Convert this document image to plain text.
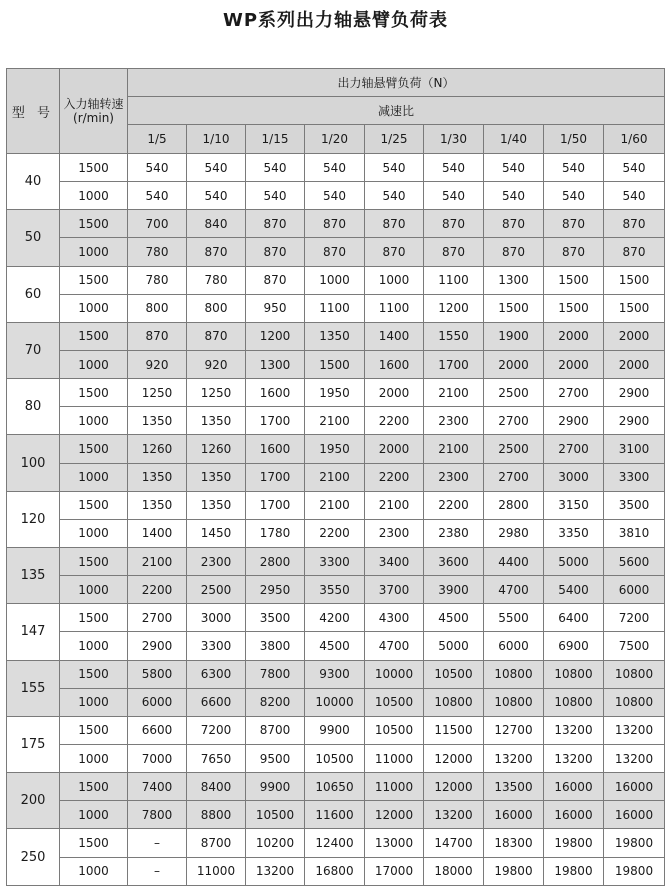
WP系列出力轴悬臂负荷表
型 号	入力轴转速
(r/min)	出力轴悬臂负荷（N）								
		减速比								
		1/5	1/10	1/15	1/20	1/25	1/30	1/40	1/50	1/60
40	1500	540	540	540	540	540	540	540	540	540
	1000	540	540	540	540	540	540	540	540	540
50	1500	700	840	870	870	870	870	870	870	870
	1000	780	870	870	870	870	870	870	870	870
60	1500	780	780	870	1000	1000	1100	1300	1500	1500
	1000	800	800	950	1100	1100	1200	1500	1500	1500
70	1500	870	870	1200	1350	1400	1550	1900	2000	2000
	1000	920	920	1300	1500	1600	1700	2000	2000	2000
80	1500	1250	1250	1600	1950	2000	2100	2500	2700	2900
	1000	1350	1350	1700	2100	2200	2300	2700	2900	2900
100	1500	1260	1260	1600	1950	2000	2100	2500	2700	3100
	1000	1350	1350	1700	2100	2200	2300	2700	3000	3300
120	1500	1350	1350	1700	2100	2100	2200	2800	3150	3500
	1000	1400	1450	1780	2200	2300	2380	2980	3350	3810
135	1500	2100	2300	2800	3300	3400	3600	4400	5000	5600
	1000	2200	2500	2950	3550	3700	3900	4700	5400	6000
147	1500	2700	3000	3500	4200	4300	4500	5500	6400	7200
	1000	2900	3300	3800	4500	4700	5000	6000	6900	7500
155	1500	5800	6300	7800	9300	10000	10500	10800	10800	10800
	1000	6000	6600	8200	10000	10500	10800	10800	10800	10800
175	1500	6600	7200	8700	9900	10500	11500	12700	13200	13200
	1000	7000	7650	9500	10500	11000	12000	13200	13200	13200
200	1500	7400	8400	9900	10650	11000	12000	13500	16000	16000
	1000	7800	8800	10500	11600	12000	13200	16000	16000	16000
250	1500	–	8700	10200	12400	13000	14700	18300	19800	19800
	1000	–	11000	13200	16800	17000	18000	19800	19800	19800
